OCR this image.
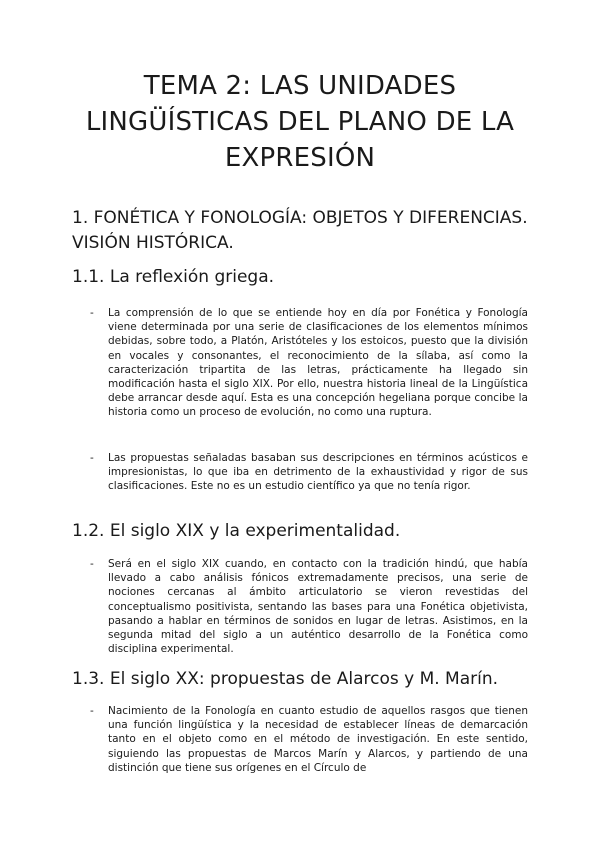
TEMA 2: LAS UNIDADES LINGÜÍSTICAS DEL PLANO DE LA EXPRESIÓN
1. FONÉTICA Y FONOLOGÍA: OBJETOS Y DIFERENCIAS. VISIÓN HISTÓRICA.
1.1. La reflexión griega.
-	La comprensión de lo que se entiende hoy en día por Fonética y Fonología viene determinada por una serie de clasificaciones de los elementos mínimos debidas, sobre todo, a Platón, Aristóteles y los estoicos, puesto que la división en vocales y consonantes, el reconocimiento de la sílaba, así como la caracterización tripartita de las letras, prácticamente ha llegado sin modificación hasta el siglo XIX. Por ello, nuestra historia lineal de la Lingüística debe arrancar desde aquí. Esta es una concepción hegeliana porque concibe la historia como un proceso de evolución, no como una ruptura.
-	Las propuestas señaladas basaban sus descripciones en términos acústicos e impresionistas, lo que iba en detrimento de la exhaustividad y rigor de sus clasificaciones. Este no es un estudio científico ya que no tenía rigor.
1.2. El siglo XIX y la experimentalidad.
-	Será en el siglo XIX cuando, en contacto con la tradición hindú, que había llevado a cabo análisis fónicos extremadamente precisos, una serie de nociones cercanas al ámbito articulatorio se vieron revestidas del conceptualismo positivista, sentando las bases para una Fonética objetivista, pasando a hablar en términos de sonidos en lugar de letras. Asistimos, en la segunda mitad del siglo a un auténtico desarrollo de la Fonética como disciplina experimental.
1.3. El siglo XX: propuestas de Alarcos y M. Marín.
-	Nacimiento de la Fonología en cuanto estudio de aquellos rasgos que tienen una función lingüística y la necesidad de establecer líneas de demarcación tanto en el objeto como en el método de investigación. En este sentido, siguiendo las propuestas de Marcos Marín y Alarcos, y partiendo de una distinción que tiene sus orígenes en el Círculo de
